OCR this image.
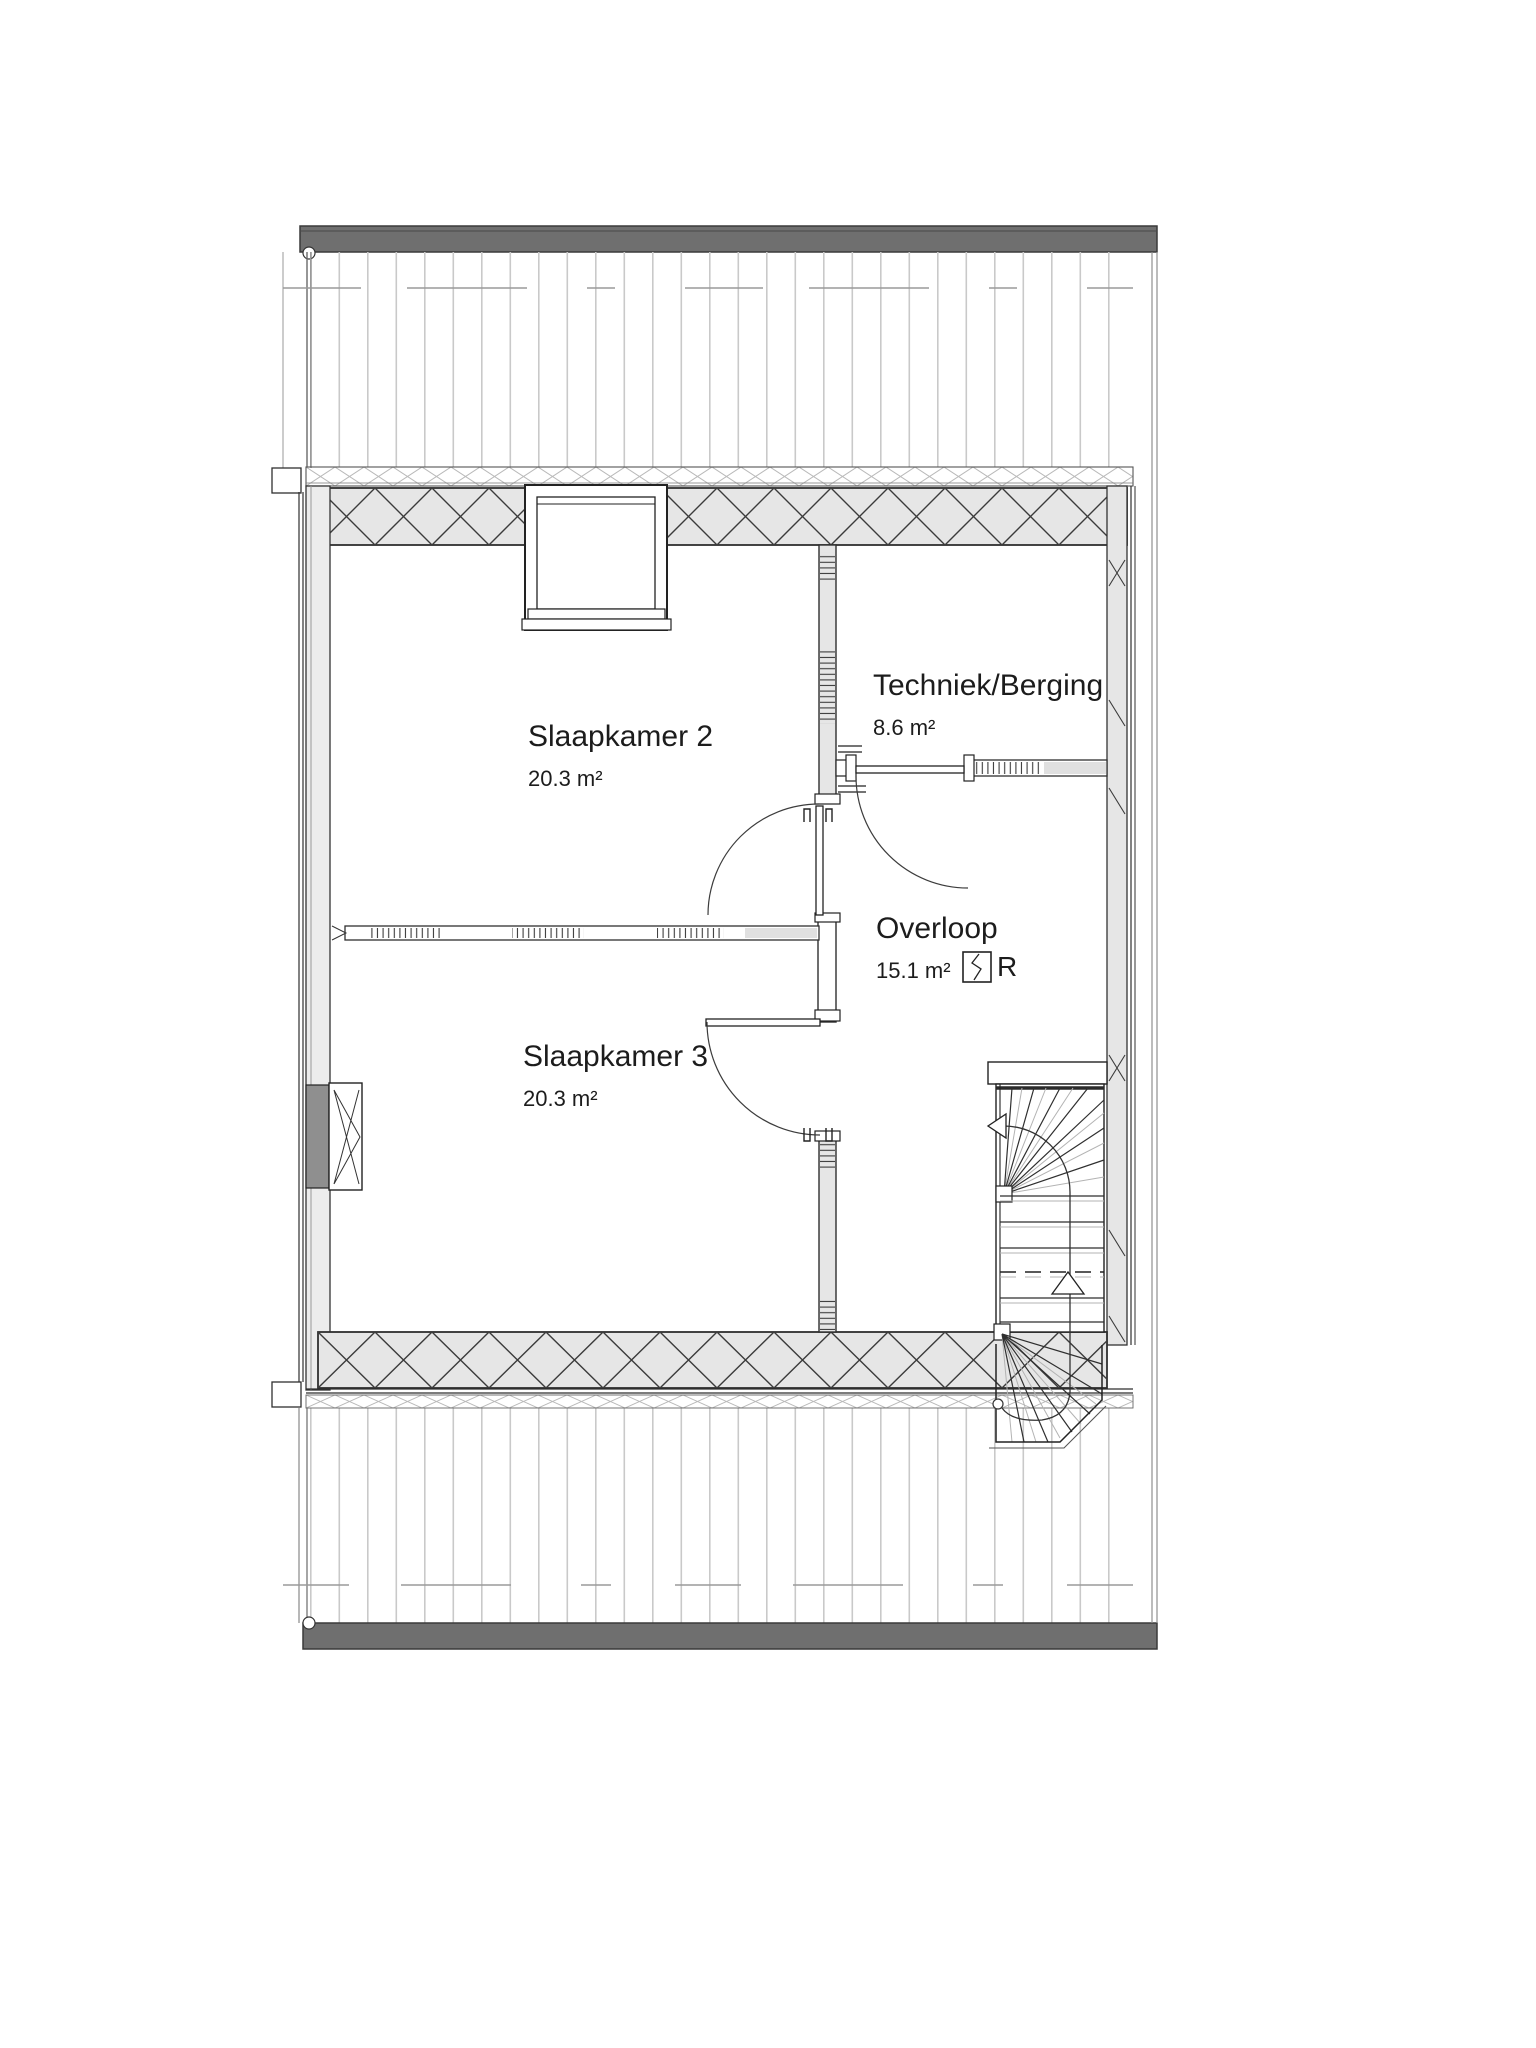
Slaapkamer 2
20.3 m²
Techniek/Berging
8.6 m²
Overloop
15.1 m²
Slaapkamer 3
20.3 m²
R
